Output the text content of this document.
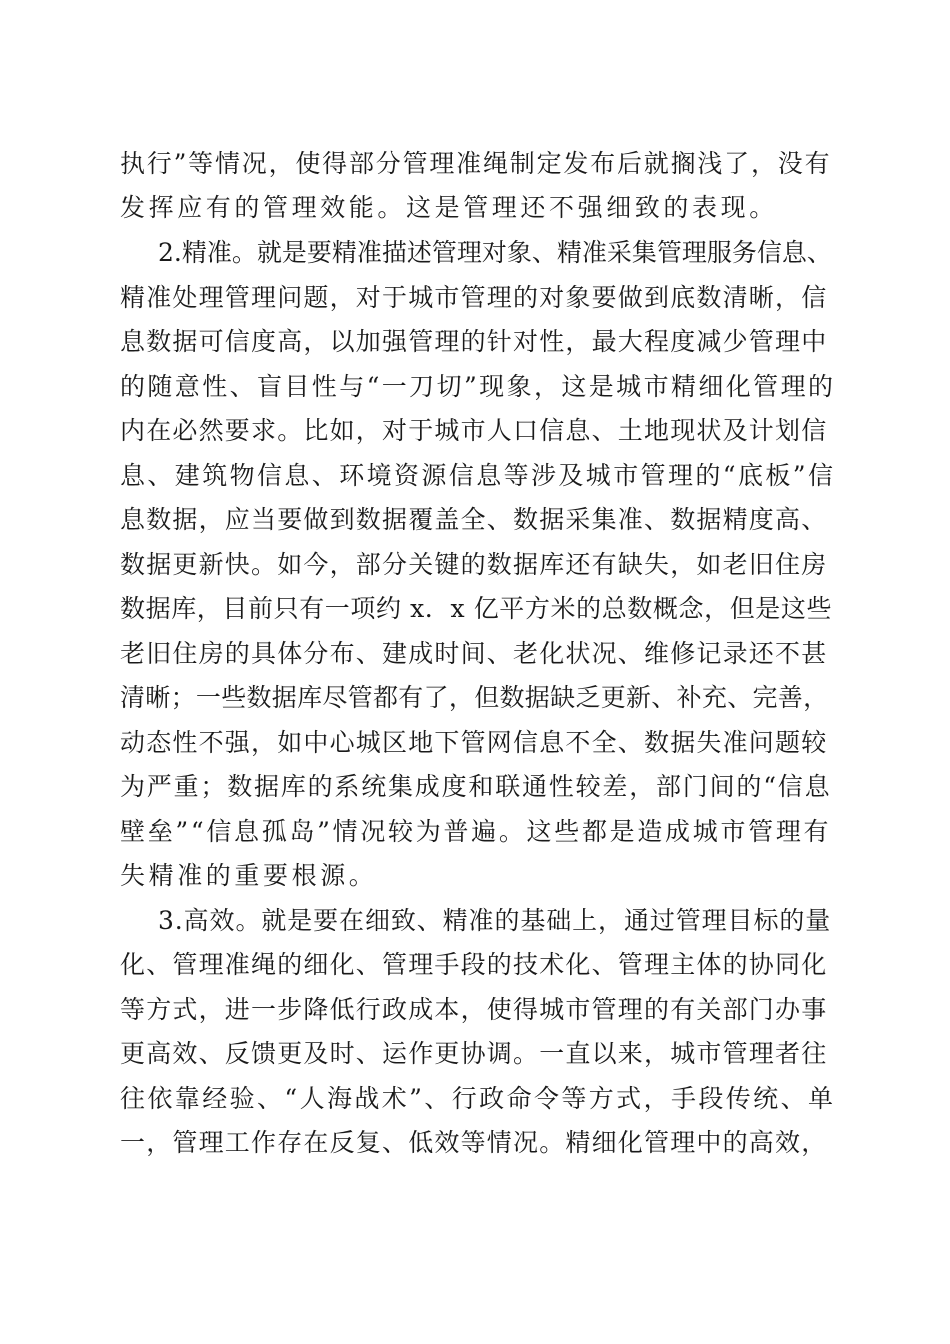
执行”等情况，使得部分管理准绳制定发布后就搁浅了，没有
发挥应有的管理效能。这是管理还不强细致的表现。
2.精准。就是要精准描述管理对象、精准采集管理服务信息、
精准处理管理问题，对于城市管理的对象要做到底数清晰，信
息数据可信度高，以加强管理的针对性，最大程度减少管理中
的随意性、盲目性与“一刀切”现象，这是城市精细化管理的
内在必然要求。比如，对于城市人口信息、土地现状及计划信
息、建筑物信息、环境资源信息等涉及城市管理的“底板”信
息数据，应当要做到数据覆盖全、数据采集准、数据精度高、
数据更新快。如今，部分关键的数据库还有缺失，如老旧住房
数据库，目前只有一项约 x．x 亿平方米的总数概念，但是这些
老旧住房的具体分布、建成时间、老化状况、维修记录还不甚
清晰；一些数据库尽管都有了，但数据缺乏更新、补充、完善，
动态性不强，如中心城区地下管网信息不全、数据失准问题较
为严重；数据库的系统集成度和联通性较差，部门间的“信息
壁垒”“信息孤岛”情况较为普遍。这些都是造成城市管理有
失精准的重要根源。
3.高效。就是要在细致、精准的基础上，通过管理目标的量
化、管理准绳的细化、管理手段的技术化、管理主体的协同化
等方式，进一步降低行政成本，使得城市管理的有关部门办事
更高效、反馈更及时、运作更协调。一直以来，城市管理者往
往依靠经验、“人海战术”、行政命令等方式，手段传统、单
一，管理工作存在反复、低效等情况。精细化管理中的高效，
